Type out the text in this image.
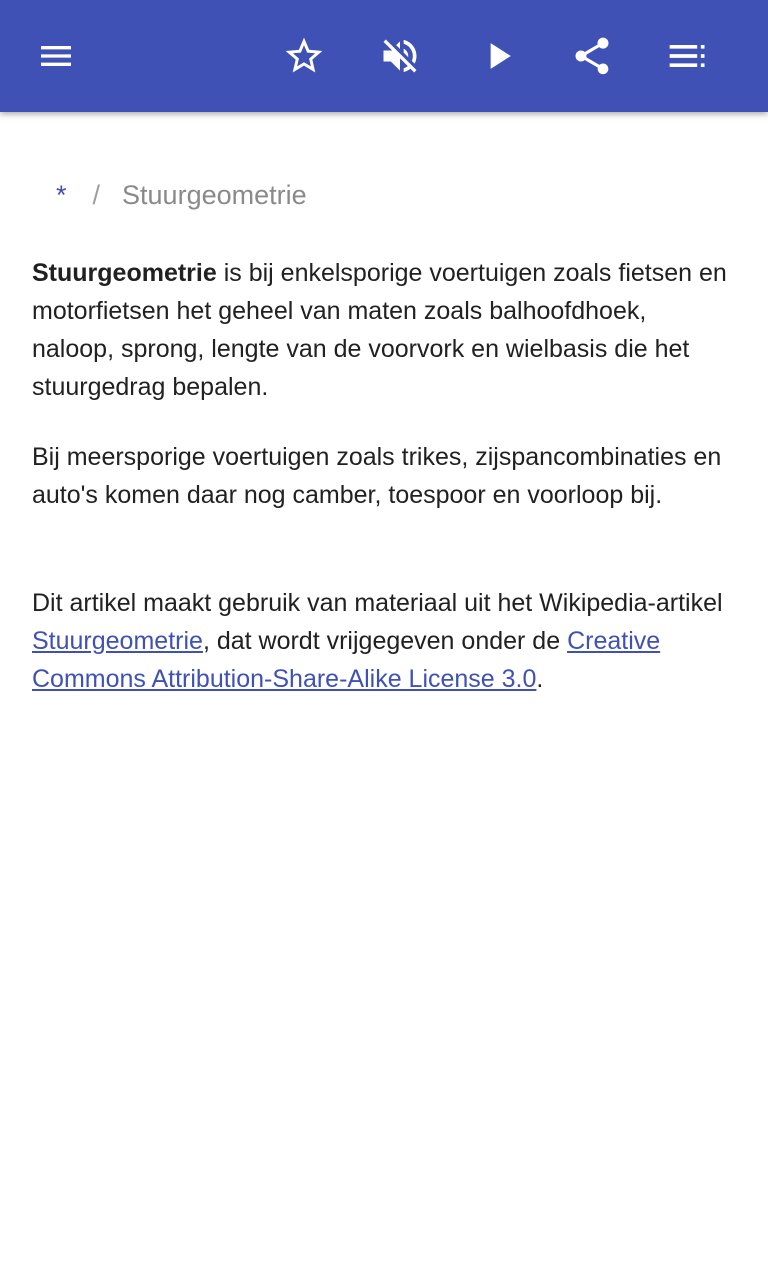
* / Stuurgeometrie

Stuurgeometrie is bij enkelsporige voertuigen zoals fietsen en motorfietsen het geheel van maten zoals balhoofdhoek, naloop, sprong, lengte van de voorvork en wielbasis die het stuurgedrag bepalen.

Bij meersporige voertuigen zoals trikes, zijspancombinaties en auto's komen daar nog camber, toespoor en voorloop bij.

Dit artikel maakt gebruik van materiaal uit het Wikipedia-artikel Stuurgeometrie, dat wordt vrijgegeven onder de Creative Commons Attribution-Share-Alike License 3.0.
